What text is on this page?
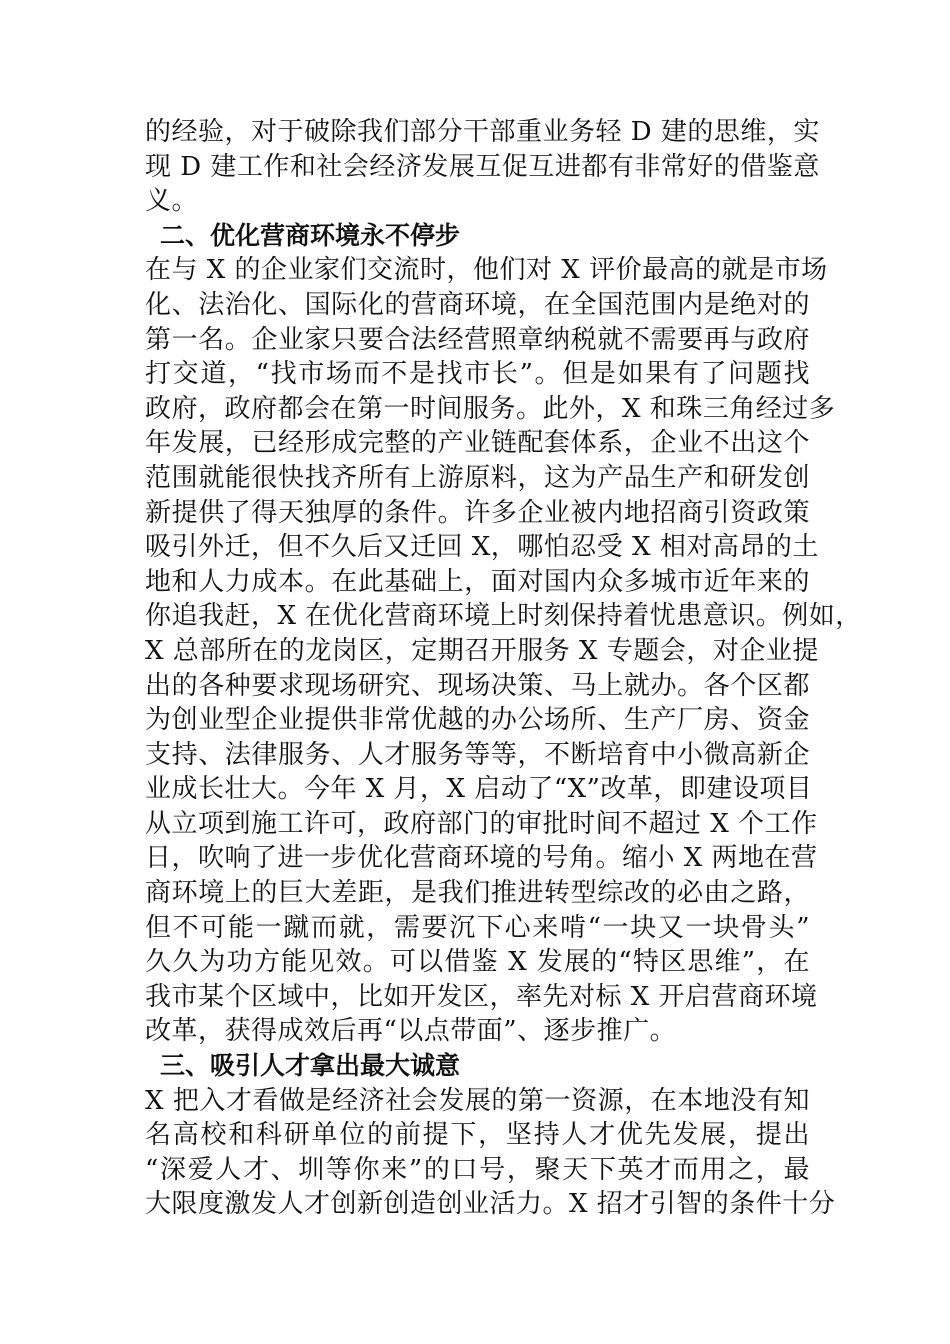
的经验，对于破除我们部分干部重业务轻 D 建的思维，实
现 D 建工作和社会经济发展互促互进都有非常好的借鉴意
义。
二、优化营商环境永不停步
在与 X 的企业家们交流时，他们对 X 评价最高的就是市场
化、法治化、国际化的营商环境，在全国范围内是绝对的
第一名。企业家只要合法经营照章纳税就不需要再与政府
打交道，“找市场而不是找市长”。但是如果有了问题找
政府，政府都会在第一时间服务。此外，X 和珠三角经过多
年发展，已经形成完整的产业链配套体系，企业不出这个
范围就能很快找齐所有上游原料，这为产品生产和研发创
新提供了得天独厚的条件。许多企业被内地招商引资政策
吸引外迁，但不久后又迁回 X，哪怕忍受 X 相对高昂的土
地和人力成本。在此基础上，面对国内众多城市近年来的
你追我赶，X 在优化营商环境上时刻保持着忧患意识。例如，
X 总部所在的龙岗区，定期召开服务 X 专题会，对企业提
出的各种要求现场研究、现场决策、马上就办。各个区都
为创业型企业提供非常优越的办公场所、生产厂房、资金
支持、法律服务、人才服务等等，不断培育中小微高新企
业成长壮大。今年 X 月，X 启动了“X”改革，即建设项目
从立项到施工许可，政府部门的审批时间不超过 X 个工作
日，吹响了进一步优化营商环境的号角。缩小 X 两地在营
商环境上的巨大差距，是我们推进转型综改的必由之路，
但不可能一蹴而就，需要沉下心来啃“一块又一块骨头”
久久为功方能见效。可以借鉴 X 发展的“特区思维”，在
我市某个区域中，比如开发区，率先对标 X 开启营商环境
改革，获得成效后再“以点带面”、逐步推广。
三、吸引人才拿出最大诚意
X 把入才看做是经济社会发展的第一资源，在本地没有知
名高校和科研单位的前提下，坚持人才优先发展，提出
“深爱人才、圳等你来”的口号，聚天下英才而用之，最
大限度激发人才创新创造创业活力。X 招才引智的条件十分
